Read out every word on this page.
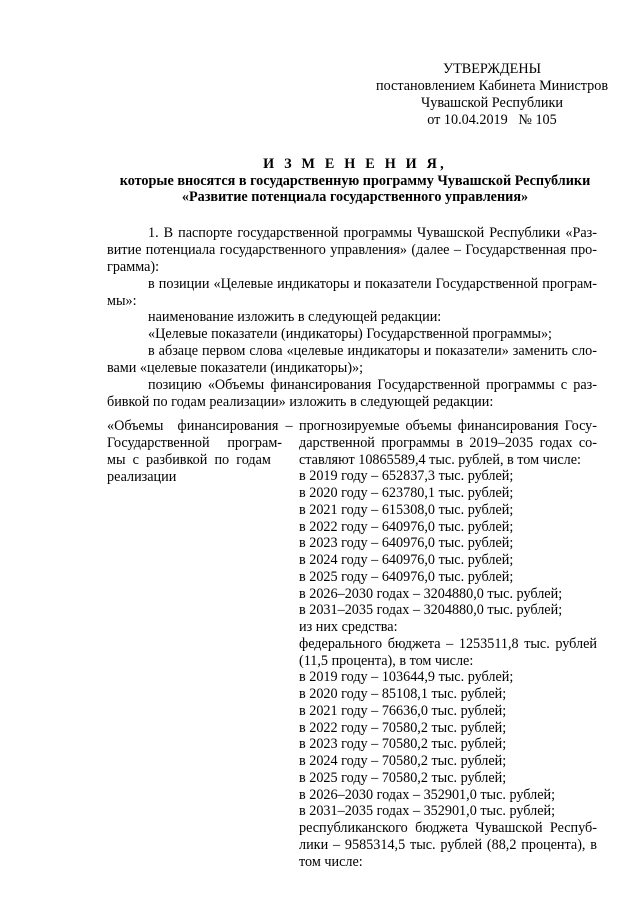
УТВЕРЖДЕНЫ
постановлением Кабинета Министров
Чувашской Республики
от 10.04.2019   № 105
И З М Е Н Е Н И Я,
которые вносятся в государственную программу Чувашской Республики
«Развитие потенциала государственного управления»
1. В паспорте государственной программы Чувашской Республики «Раз-
витие потенциала государственного управления» (далее – Государственная про-
грамма):
в позиции «Целевые индикаторы и показатели Государственной програм-
мы»:
наименование изложить в следующей редакции:
«Целевые показатели (индикаторы) Государственной программы»;
в абзаце первом слова «целевые индикаторы и показатели» заменить сло-
вами «целевые показатели (индикаторы)»;
позицию «Объемы финансирования Государственной программы с раз-
бивкой по годам реализации» изложить в следующей редакции:
«Объемы    финансирования  –
Государственной     програм-
мы  с  разбивкой  по  годам
реализации
прогнозируемые объемы финансирования Госу-
дарственной программы в 2019–2035 годах со-
ставляют 10865589,4 тыс. рублей, в том числе:
в 2019 году – 652837,3 тыс. рублей;
в 2020 году – 623780,1 тыс. рублей;
в 2021 году – 615308,0 тыс. рублей;
в 2022 году – 640976,0 тыс. рублей;
в 2023 году – 640976,0 тыс. рублей;
в 2024 году – 640976,0 тыс. рублей;
в 2025 году – 640976,0 тыс. рублей;
в 2026–2030 годах – 3204880,0 тыс. рублей;
в 2031–2035 годах – 3204880,0 тыс. рублей;
из них средства:
федерального бюджета – 1253511,8 тыс. рублей
(11,5 процента), в том числе:
в 2019 году – 103644,9 тыс. рублей;
в 2020 году – 85108,1 тыс. рублей;
в 2021 году – 76636,0 тыс. рублей;
в 2022 году – 70580,2 тыс. рублей;
в 2023 году – 70580,2 тыс. рублей;
в 2024 году – 70580,2 тыс. рублей;
в 2025 году – 70580,2 тыс. рублей;
в 2026–2030 годах – 352901,0 тыс. рублей;
в 2031–2035 годах – 352901,0 тыс. рублей;
республиканского бюджета Чувашской Респуб-
лики – 9585314,5 тыс. рублей (88,2 процента), в
том числе:
